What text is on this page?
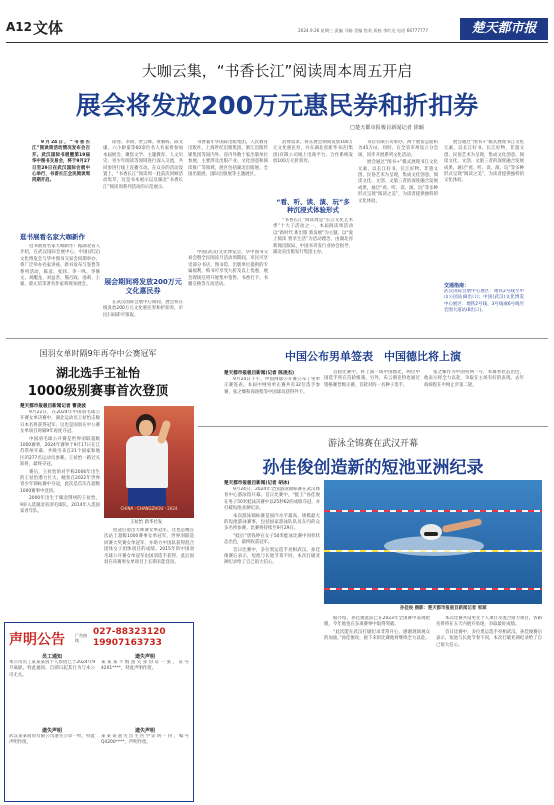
A12 文体	2024.9.26 星期三 责编 马畅 美编 焦英 质校 李红光 电话 66777777	楚天都市报
大咖云集，“书香长江”阅读周本周五开启
展会将发放200万元惠民券和折扣券
□楚天都市报极目新闻记者 徐颖

9月24日，“书香长江”阅读周活动情况发布会召开。武汉国际书展暨第19届华中图书交易会，将于9月27日至29日在武汉国际会展中心举行，书香长江全民阅读周同期开启。

逛书展看名家大咖新作

逛书展看名家大咖新作！据湖北省人介绍，在武汉国际会展中心，中国(武汉)文化博览会与华中图书交易会同期举办，将广泛举办名家讲座、新书发布与签售等系列活动，陈彦、张炜、李一鸣、李修文、刘醒龙、刘益善、熊召政、池莉、王蒙、蔡元培等著名作家将现身展会。

徐春、李朗、贾云峰、黄朝晖、陈文谦、六小龄童等60余位名人名家将参加本届展会，聚焦文学、主题教育、人文历史、青少年阅读等领域进行深入交流，共同参进行线上直播互动。在众多的活动设置上，“书香长江”阅读周一此前次回顾活动集萃，这是书本展示以及湖北“书香长江”阅读周系列活动的示范展示。

展会期间将发放200万元文化惠民券

在武汉国际会展中心期间，展会将在线发放200万元文化惠民券和折扣券，市民扫码即可领取。

书香嘉年华国际出版集团、人民教育出版社、上海世纪出版集团、浙江出版传媒集团等国内外、省内外数十家出版单位参展，主要涉及出版产业、文化创意和阅读推广等领域，展区包括湖北出版展、全国出版展、国际出版展等主题展区。

中国(武汉)文化博览会、华中图书交易会暨全民阅读月活动周期间，市民可享受部分书店、图书馆、出版单位提供的专属福利，购书可享受九折及以上优惠，展会现场还将开展集中签售、书香打卡、书籍交换等互动活动。

消费需求，将在展会期间发放100万元文化惠民券，并在湖北省新华书店(集团)有限公司线上电商平台、合作系统发放100万元折扣券。

“看、听、读、演、玩”多种沉浸式体验形式

“书香长江”阅读周是“长江文化艺术季”十大子活动之一，本届阅读周活动以“新时代 新出版 新发展”为主题，以“爱上阅读 智享生活”为活动理念，由湖北省新闻出版局、中国书刊发行业协会指导，湖北省出版发行集团主办。

书店有限公司承办。两个展馆总面积为45万㎡，同时，在全省市州设立分会场，同步开展系列文化活动。

展会通过“图书+”模式展现书江文化元素，以长江好书、长江好物、非遗文创、民俗艺术为呈现，集成文化创意、阅读文化、文创、文旅三者的深度融合发展成果，通过“看、听、读、演、玩”等多种形式呈现“阅读之美”，为读者提供独特的文化体验。

展会通过“图书+”模式展现书江文化元素，以长江好书、长江好物、非遗文创、民俗艺术为呈现，集成文化创意、阅读文化、文创、文旅三者的深度融合发展成果，通过“看、听、读、演、玩”等多种形式呈现“阅读之美”，为读者提供独特的文化体验。

交通指南：
武汉国际会展中心展区：地铁2号线至中山公园站(B出口)；中国(武汉)文化博览中心展区：地铁2号线、3号线或6号线至宏图大道站(B出口)。
国羽女单时隔9年再夺中公赛冠军
湖北选手王祉怡
1000级别赛事首次登顶
楚天都市报极目新闻记者 曹凌波

9月22日，在2024年中国羽毛球公开赛女单决赛中，湖北运动员王祉怡击败日本名将获得冠军，这也是国羽在中公赛女单项目时隔9年再度夺冠。

中国羽毛球公开赛是世界羽联超级1000赛事，2024年赛事于9月17日在江苏常州开幕，共吸引来自21个国家和地区的277名运动员参赛。王祉怡一路过关斩将，最终夺冠。

赛后，王祉怡的对手称2006年出生的王祉怡潜力巨大。她曾在2022年世界青少年锦标赛中夺冠，此次是首次在超级1000赛事中登顶。

2000年出生于湖北荆州的王祉怡，9岁入选湖北省羽毛球队，2014年入选国家青年队。

CHINA · CHANGZHOU · 2024
王祉怡 新华社发

度冠后退出大师赛女单冠军，这也是她首次站上超级1000赛事女单冠军，世界羽联巡回赛大奖赛女单冠军，并助力中国队获得混合团体女子团体项目的成绩。2015年的中国羽毛球公开赛女单冠军由国羽选手获得，此后国羽在该赛事女单项目上长期未能登顶。

声明公告	广告热线
027-88323120
19907163733
员工通知
本公司员工某某某因个人原因已于2024年9月离职，特此通知，自即日起其行为与本公司无关。
遗失声明
某某某不慎遗失身份证一张，证号4201****，特此声明作废。
遗失声明
武汉某某商贸有限公司遗失公章一枚，特此声明作废。
遗失声明
某某某遗失出生医学证明一份，编号Q4200****，声明作废。
中国公布男单签表　中国德比将上演
楚天都市报极目新闻(记者 陈凌杰)

9月24日下午，中国网球公开赛公布了男单正赛签表。本届中网男单正赛共有32位选手参赛，张之臻和商竣程等中国球员获得外卡。

首轮比赛中，将上演一场中国德比，两位中国选手将在首轮相遇。另外，布云朝克特也通过资格赛晋级正赛，首轮对阵一名种子选手。

张之臻作为中国男网一号，本赛季状态出色，他表示将全力以赴，争取在主场有好的表现。去年商竣程在中网止步第二轮。

游泳全锦赛在武汉开幕
孙佳俊创造新的短池亚洲纪录
楚天都市报极目新闻(记者 胡冰)

9月24日，2024年全国游泳锦标赛在武汉体育中心游泳馆开幕。首日比赛中，“蛙王”孙佳俊在男子50米蛙泳决赛中以25秒62的成绩夺冠，并打破短池亚洲纪录。

本次游泳锦标赛是国内水平最高、规模最大的短池游泳赛事，包括国家游泳队队员在内的众多名将参赛。比赛将持续至9月29日。

“蛙后”唐钱婷在女子50米蛙泳比赛中同样状态出色，最终收获冠军。

首日比赛中，多位奥运选手亮相武汉。孙佳俊赛后表示，短池与长池节奏不同，本次打破亚洲纪录给了自己很大信心。

孙佳俊 摄影：楚天都市报极目新闻记者 邹斌

据介绍，孙佳俊此前已在2023年全国赛中表现抢眼，今年他也在多项赛事中取得突破。

“此次能在武汉打破纪录非常开心，感谢现场观众的加油。”孙佳俊说，接下来的比赛他将继续全力以赴。

本次比赛共设男女个人项目及混合接力项目，各路名将将在五天内展开角逐，争取最好成绩。

首日比赛中，多位奥运选手亮相武汉。孙佳俊赛后表示，短池与长池节奏不同，本次打破亚洲纪录给了自己很大信心。
